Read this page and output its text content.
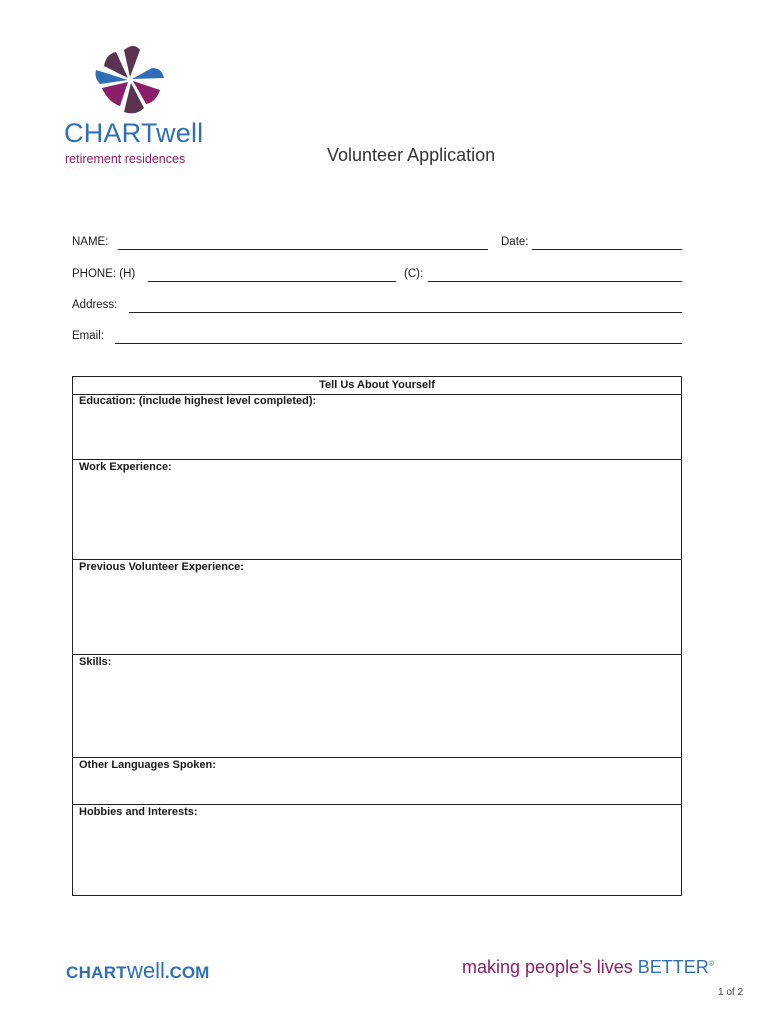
CHARTwell
retirement residences	Volunteer Application
NAME:	Date:
PHONE: (H)	(C):
Address:
Email:
Tell Us About Yourself
Education: (include highest level completed):
Work Experience:
Previous Volunteer Experience:
Skills:
Other Languages Spoken:
Hobbies and Interests:
CHARTwell.COM	making people’s lives BETTER®
1 of 2
